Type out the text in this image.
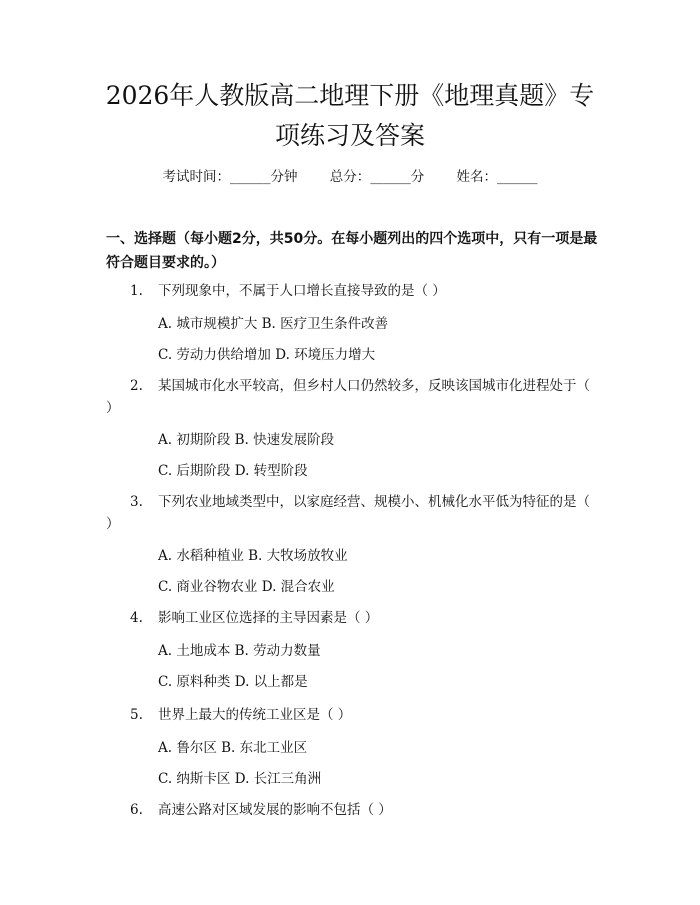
2026年人教版高二地理下册《地理真题》专
项练习及答案
考试时间：______分钟 总分：______分 姓名：______
一、选择题（每小题2分，共50分。在每小题列出的四个选项中，只有一项是最
符合题目要求的。）
1.	下列现象中，不属于人口增长直接导致的是（ ）
A. 城市规模扩大 B. 医疗卫生条件改善
C. 劳动力供给增加 D. 环境压力增大
2.	某国城市化水平较高，但乡村人口仍然较多，反映该国城市化进程处于（ ）
A. 初期阶段 B. 快速发展阶段
C. 后期阶段 D. 转型阶段
3.	下列农业地域类型中，以家庭经营、规模小、机械化水平低为特征的是（ ）
A. 水稻种植业 B. 大牧场放牧业
C. 商业谷物农业 D. 混合农业
4.	影响工业区位选择的主导因素是（ ）
A. 土地成本 B. 劳动力数量
C. 原料种类 D. 以上都是
5.	世界上最大的传统工业区是（ ）
A. 鲁尔区 B. 东北工业区
C. 纳斯卡区 D. 长江三角洲
6.	高速公路对区域发展的影响不包括（ ）
